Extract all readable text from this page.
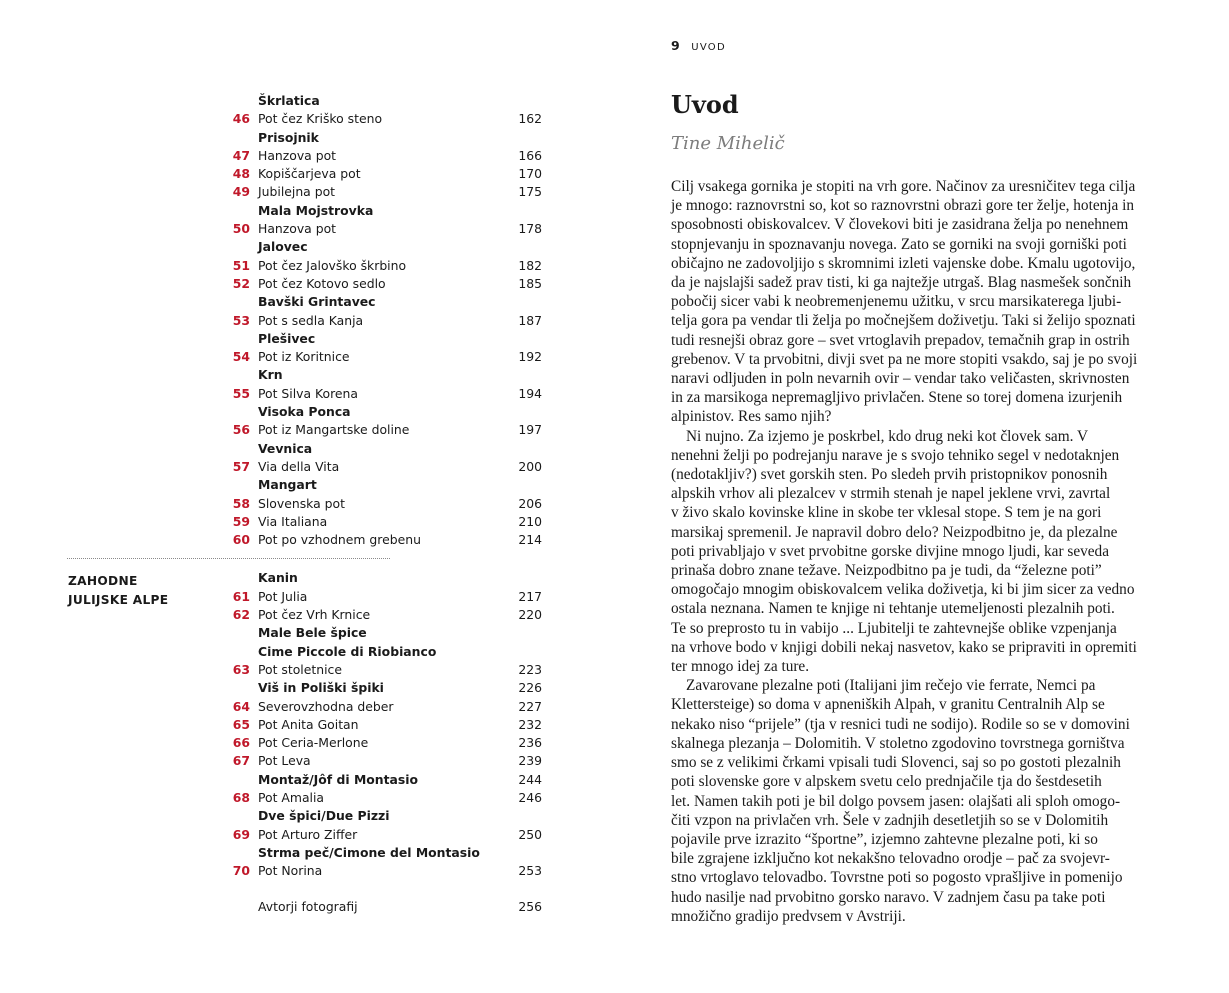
Škrlatica
46 Pot čez Kriško steno	162
Prisojnik
47 Hanzova pot	166
48 Kopiščarjeva pot	170
49 Jubilejna pot	175
Mala Mojstrovka
50 Hanzova pot	178
Jalovec
51 Pot čez Jalovško škrbino	182
52 Pot čez Kotovo sedlo	185
Bavški Grintavec
53 Pot s sedla Kanja	187
Plešivec
54 Pot iz Koritnice	192
Krn
55 Pot Silva Korena	194
Visoka Ponca
56 Pot iz Mangartske doline	197
Vevnica
57 Via della Vita	200
Mangart
58 Slovenska pot	206
59 Via Italiana	210
60 Pot po vzhodnem grebenu	214
Kanin
61 Pot Julia	217
62 Pot čez Vrh Krnice	220
Male Bele špice
Cime Piccole di Riobianco
63 Pot stoletnice	223
Viš in Poliški špiki	226
64 Severovzhodna deber	227
65 Pot Anita Goitan	232
66 Pot Ceria-Merlone	236
67 Pot Leva	239
Montaž/Jôf di Montasio	244
68 Pot Amalia	246
Dve špici/Due Pizzi
69 Pot Arturo Ziffer	250
Strma peč/Cimone del Montasio
70 Pot Norina	253
Avtorji fotografij	256
ZAHODNE
JULIJSKE ALPE
9 UVOD
Uvod
Tine Mihelič
Cilj vsakega gornika je stopiti na vrh gore. Načinov za uresničitev tega cilja
je mnogo: raznovrstni so, kot so raznovrstni obrazi gore ter želje, hotenja in
sposobnosti obiskovalcev. V človekovi biti je zasidrana želja po nenehnem
stopnjevanju in spoznavanju novega. Zato se gorniki na svoji gorniški poti
običajno ne zadovoljijo s skromnimi izleti vajenske dobe. Kmalu ugotovijo,
da je najslajši sadež prav tisti, ki ga najtežje utrgaš. Blag nasmešek sončnih
pobočij sicer vabi k neobremenjenemu užitku, v srcu marsikaterega ljubi-
telja gora pa vendar tli želja po močnejšem doživetju. Taki si želijo spoznati
tudi resnejši obraz gore – svet vrtoglavih prepadov, temačnih grap in ostrih
grebenov. V ta prvobitni, divji svet pa ne more stopiti vsakdo, saj je po svoji
naravi odljuden in poln nevarnih ovir – vendar tako veličasten, skrivnosten
in za marsikoga nepremagljivo privlačen. Stene so torej domena izurjenih
alpinistov. Res samo njih?
Ni nujno. Za izjemo je poskrbel, kdo drug neki kot človek sam. V
nenehni želji po podrejanju narave je s svojo tehniko segel v nedotaknjen
(nedotakljiv?) svet gorskih sten. Po sledeh prvih pristopnikov ponosnih
alpskih vrhov ali plezalcev v strmih stenah je napel jeklene vrvi, zavrtal
v živo skalo kovinske kline in skobe ter vklesal stope. S tem je na gori
marsikaj spremenil. Je napravil dobro delo? Neizpodbitno je, da plezalne
poti privabljajo v svet prvobitne gorske divjine mnogo ljudi, kar seveda
prinaša dobro znane težave. Neizpodbitno pa je tudi, da “železne poti”
omogočajo mnogim obiskovalcem velika doživetja, ki bi jim sicer za vedno
ostala neznana. Namen te knjige ni tehtanje utemeljenosti plezalnih poti.
Te so preprosto tu in vabijo ... Ljubitelji te zahtevnejše oblike vzpenjanja
na vrhove bodo v knjigi dobili nekaj nasvetov, kako se pripraviti in opremiti
ter mnogo idej za ture.
Zavarovane plezalne poti (Italijani jim rečejo vie ferrate, Nemci pa
Klettersteige) so doma v apneniških Alpah, v granitu Centralnih Alp se
nekako niso “prijele” (tja v resnici tudi ne sodijo). Rodile so se v domovini
skalnega plezanja – Dolomitih. V stoletno zgodovino tovrstnega gorništva
smo se z velikimi črkami vpisali tudi Slovenci, saj so po gostoti plezalnih
poti slovenske gore v alpskem svetu celo prednjačile tja do šestdesetih
let. Namen takih poti je bil dolgo povsem jasen: olajšati ali sploh omogo-
čiti vzpon na privlačen vrh. Šele v zadnjih desetletjih so se v Dolomitih
pojavile prve izrazito “športne”, izjemno zahtevne plezalne poti, ki so
bile zgrajene izključno kot nekakšno telovadno orodje – pač za svojevr-
stno vrtoglavo telovadbo. Tovrstne poti so pogosto vprašljive in pomenijo
hudo nasilje nad prvobitno gorsko naravo. V zadnjem času pa take poti
množično gradijo predvsem v Avstriji.
